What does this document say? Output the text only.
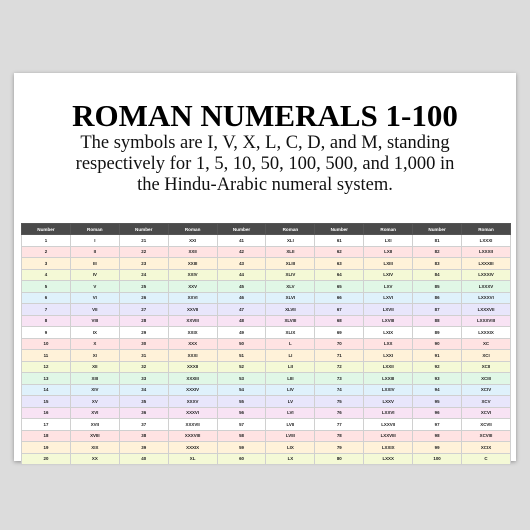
ROMAN NUMERALS 1-100
The symbols are I, V, X, L, C, D, and M, standing
respectively for 1, 5, 10, 50, 100, 500, and 1,000 in
the Hindu-Arabic numeral system.
Number	Roman	Number	Roman	Number	Roman	Number	Roman	Number	Roman
1	I	21	XXI	41	XLI	61	LXI	81	LXXXI
2	II	22	XXII	42	XLII	62	LXII	82	LXXXII
3	III	23	XXIII	43	XLIII	63	LXIII	83	LXXXIII
4	IV	24	XXIV	44	XLIV	64	LXIV	84	LXXXIV
5	V	25	XXV	45	XLV	65	LXV	85	LXXXV
6	VI	26	XXVI	46	XLVI	66	LXVI	86	LXXXVI
7	VII	27	XXVII	47	XLVII	67	LXVII	87	LXXXVII
8	VIII	28	XXVIII	48	XLVIII	68	LXVIII	88	LXXXVIII
9	IX	29	XXIX	49	XLIX	69	LXIX	89	LXXXIX
10	X	30	XXX	50	L	70	LXX	90	XC
11	XI	31	XXXI	51	LI	71	LXXI	91	XCI
12	XII	32	XXXII	52	LII	72	LXXII	92	XCII
13	XIII	33	XXXIII	53	LIII	73	LXXIII	93	XCIII
14	XIV	34	XXXIV	54	LIV	74	LXXIV	94	XCIV
15	XV	35	XXXV	55	LV	75	LXXV	95	XCV
16	XVI	36	XXXVI	56	LVI	76	LXXVI	96	XCVI
17	XVII	37	XXXVII	57	LVII	77	LXXVII	97	XCVII
18	XVIII	38	XXXVIII	58	LVIII	78	LXXVIII	98	XCVIII
19	XIX	39	XXXIX	59	LIX	79	LXXIX	99	XCIX
20	XX	40	XL	60	LX	80	LXXX	100	C
